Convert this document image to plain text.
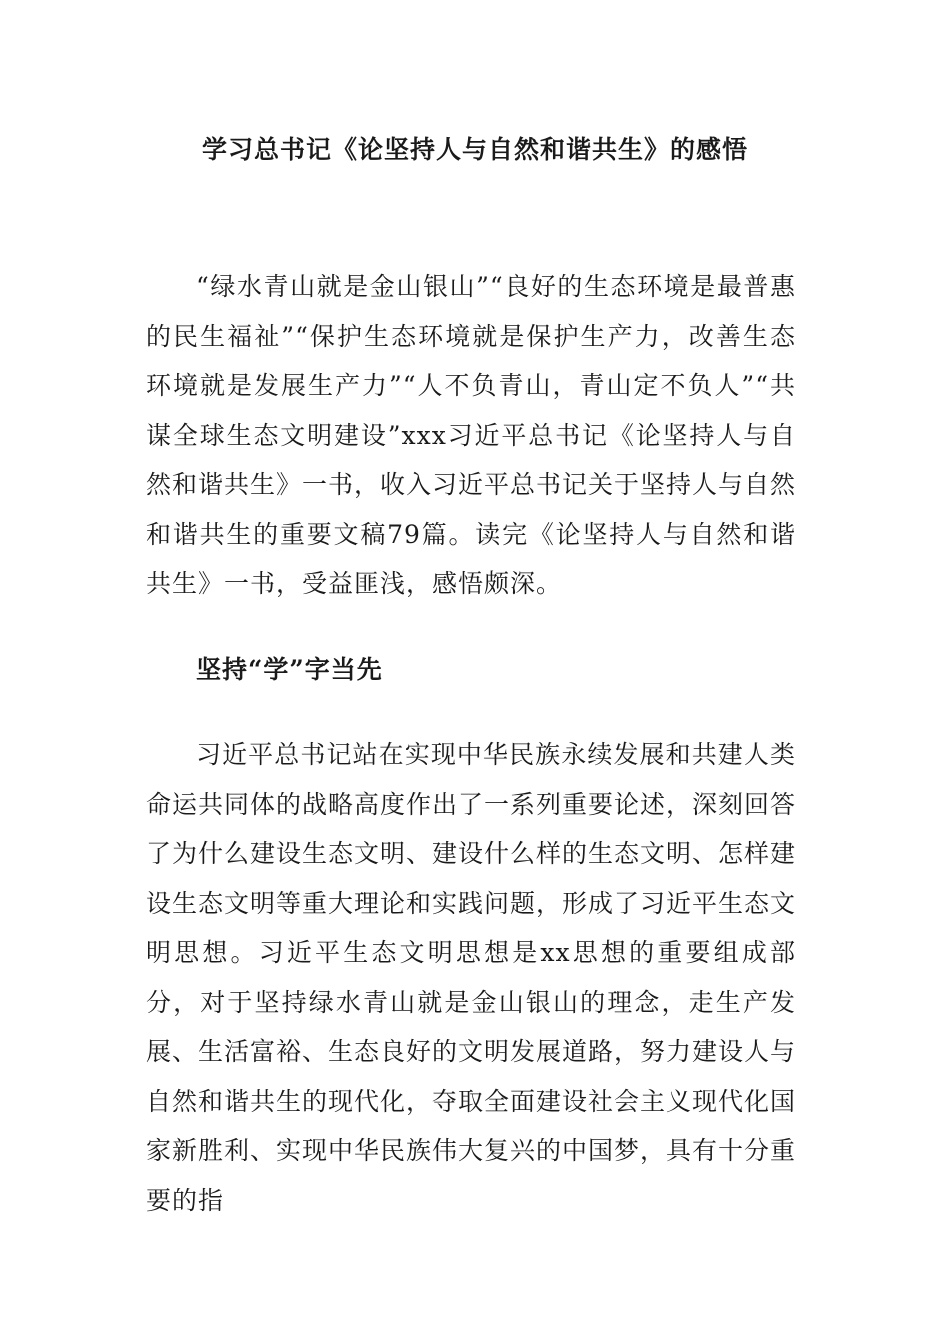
学习总书记《论坚持人与自然和谐共生》的感悟

“绿水青山就是金山银山”“良好的生态环境是最普惠的民生福祉”“保护生态环境就是保护生产力，改善生态环境就是发展生产力”“人不负青山，青山定不负人”“共谋全球生态文明建设”xxx习近平总书记《论坚持人与自然和谐共生》一书，收入习近平总书记关于坚持人与自然和谐共生的重要文稿79篇。读完《论坚持人与自然和谐共生》一书，受益匪浅，感悟颇深。

坚持“学”字当先

习近平总书记站在实现中华民族永续发展和共建人类命运共同体的战略高度作出了一系列重要论述，深刻回答了为什么建设生态文明、建设什么样的生态文明、怎样建设生态文明等重大理论和实践问题，形成了习近平生态文明思想。习近平生态文明思想是xx思想的重要组成部分，对于坚持绿水青山就是金山银山的理念，走生产发展、生活富裕、生态良好的文明发展道路，努力建设人与自然和谐共生的现代化，夺取全面建设社会主义现代化国家新胜利、实现中华民族伟大复兴的中国梦，具有十分重要的指
